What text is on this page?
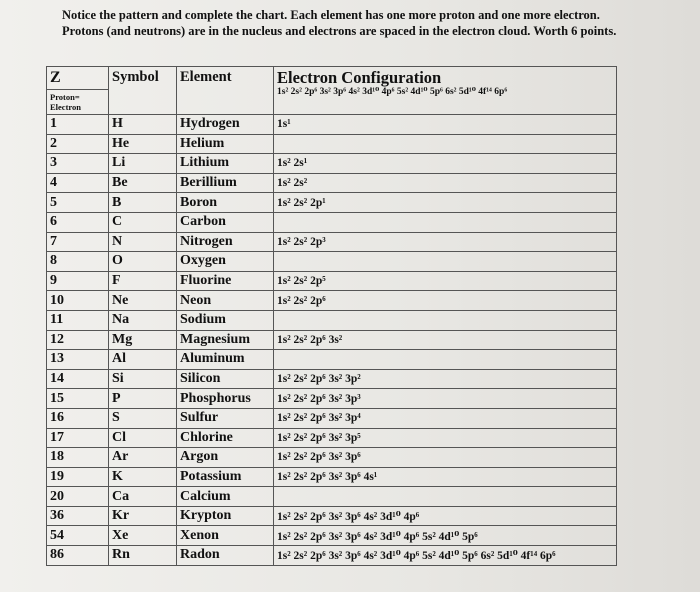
Notice the pattern and complete the chart. Each element has one more proton and one more electron. Protons (and neutrons) are in the nucleus and electrons are spaced in the electron cloud. Worth 6 points.

Z	Symbol	Element	Electron Configuration
1s² 2s² 2p⁶ 3s² 3p⁶ 4s² 3d¹⁰ 4p⁶ 5s² 4d¹⁰ 5p⁶ 6s² 5d¹⁰ 4f¹⁴ 6p⁶

Proton=
Electron			
1	H	Hydrogen	1s¹
2	He	Helium	
3	Li	Lithium	1s² 2s¹
4	Be	Berillium	1s² 2s²
5	B	Boron	1s² 2s² 2p¹
6	C	Carbon	
7	N	Nitrogen	1s² 2s² 2p³
8	O	Oxygen	
9	F	Fluorine	1s² 2s² 2p⁵
10	Ne	Neon	1s² 2s² 2p⁶
11	Na	Sodium	
12	Mg	Magnesium	1s² 2s² 2p⁶ 3s²
13	Al	Aluminum	
14	Si	Silicon	1s² 2s² 2p⁶ 3s² 3p²
15	P	Phosphorus	1s² 2s² 2p⁶ 3s² 3p³
16	S	Sulfur	1s² 2s² 2p⁶ 3s² 3p⁴
17	Cl	Chlorine	1s² 2s² 2p⁶ 3s² 3p⁵
18	Ar	Argon	1s² 2s² 2p⁶ 3s² 3p⁶
19	K	Potassium	1s² 2s² 2p⁶ 3s² 3p⁶ 4s¹
20	Ca	Calcium	
36	Kr	Krypton	1s² 2s² 2p⁶ 3s² 3p⁶ 4s² 3d¹⁰ 4p⁶
54	Xe	Xenon	1s² 2s² 2p⁶ 3s² 3p⁶ 4s² 3d¹⁰ 4p⁶ 5s² 4d¹⁰ 5p⁶
86	Rn	Radon	1s² 2s² 2p⁶ 3s² 3p⁶ 4s² 3d¹⁰ 4p⁶ 5s² 4d¹⁰ 5p⁶ 6s² 5d¹⁰ 4f¹⁴ 6p⁶
